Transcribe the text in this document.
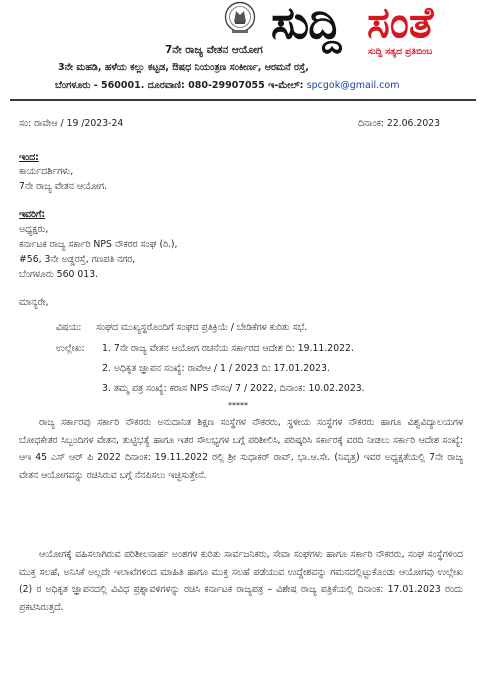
7ನೇ ರಾಜ್ಯ ವೇತನ ಆಯೋಗ
3ನೇ ಮಹಡಿ, ಹಳೆಯ ಕಲ್ಲು ಕಟ್ಟಡ, ಔಷಧ ನಿಯಂತ್ರಣ ಸಂಕೀರ್ಣ, ಆರಮನೆ ರಸ್ತೆ,
ಬೆಂಗಳೂರು - 560001. ದೂರವಾಣಿ: 080-29907055 ಇ-ಮೇಲ್: spcgok@gmail.com
ಸುದ್ದಿ ಸಂತೆ
ಸುದ್ದಿ ಸತ್ಯದ ಪ್ರತಿಬಿಂಬ
ಸಂ: ರಾವೇಆ / 19 /2023-24	ದಿನಾಂಕ: 22.06.2023
ಇಂದ:
ಕಾರ್ಯದರ್ಶಿಗಳು,
7ನೇ ರಾಜ್ಯ ವೇತನ ಆಯೋಗ.
ಇವರಿಗೆ:
ಅಧ್ಯಕ್ಷರು,
ಕರ್ನಾಟಕ ರಾಜ್ಯ ಸರ್ಕಾರಿ NPS ನೌಕರರ ಸಂಘ (ರಿ.),
#56, 3ನೇ ಅಡ್ಡರಸ್ತೆ, ಗಣಪತಿ ನಗರ,
ಬೆಂಗಳೂರು 560 013.
ಮಾನ್ಯರೇ,
ವಿಷಯ: ಸಂಘದ ಮುಖ್ಯಸ್ಥರೊಂದಿಗೆ ಸಂಘದ ಪ್ರತಿಕ್ರಿಯೆ / ಬೇಡಿಕೆಗಳ ಕುರಿತು ಸಭೆ.
ಉಲ್ಲೇಖ: 1. 7ನೇ ರಾಜ್ಯ ವೇತನ ಆಯೋಗ ರಚನೆಯ ಸರ್ಕಾರದ ಆದೇಶ ದಿ: 19.11.2022.
2. ಅಧಿಕೃತ ಜ್ಞಾಪನ ಸಂಖ್ಯೆ: ರಾವೇಆ / 1 / 2023 ದಿ: 17.01.2023.
3. ತಮ್ಮ ಪತ್ರ ಸಂಖ್ಯೆ: ಕರಾಸ NPS ನೌಸಂ/ 7 / 2022, ದಿನಾಂಕ: 10.02.2023.
*****
ರಾಜ್ಯ ಸರ್ಕಾರವು ಸರ್ಕಾರಿ ನೌಕರರು ಅನುದಾನಿತ ಶಿಕ್ಷಣ ಸಂಸ್ಥೆಗಳ ನೌಕರರು, ಸ್ಥಳೀಯ ಸಂಸ್ಥೆಗಳ ನೌಕರರು ಹಾಗೂ ವಿಶ್ವವಿದ್ಯಾಲಯಗಳ ಬೋಧಕೇತರ ಸಿಬ್ಬಂದಿಗಳ ವೇತನ, ತುಟ್ಟಿಭತ್ಯೆ ಹಾಗೂ ಇತರ ಸೌಲಭ್ಯಗಳ ಬಗ್ಗೆ ಪರಿಶೀಲಿಸಿ, ಪರಿಷ್ಕರಿಸಿ ಸರ್ಕಾರಕ್ಕೆ ವರದಿ ನೀಡಲು ಸರ್ಕಾರಿ ಆದೇಶ ಸಂಖ್ಯೆ: ಆಇ 45 ಎಸ್ ಆರ್ ಪಿ 2022 ದಿನಾಂಕ: 19.11.2022 ರಲ್ಲಿ ಶ್ರೀ ಸುಧಾಕರ್ ರಾವ್, ಭಾ.ಆ.ಸೇ. (ನಿವೃತ್ತ) ಇವರ ಅಧ್ಯಕ್ಷತೆಯಲ್ಲಿ 7ನೇ ರಾಜ್ಯ ವೇತನ ಆಯೋಗವನ್ನು ರಚಿಸಿರುವ ಬಗ್ಗೆ ನೆನಪಿಸಲು ಇಚ್ಛಿಸುತ್ತೇನೆ.
ಆಯೋಗಕ್ಕೆ ವಹಿಸಲಾಗಿರುವ ಪರಿಶೀಲನಾರ್ಹ ಅಂಶಗಳ ಕುರಿತು ಸಾರ್ವಜನಿಕರು, ಸೇವಾ ಸಂಘಗಳು ಹಾಗೂ ಸರ್ಕಾರಿ ನೌಕರರು, ಸಂಘ ಸಂಸ್ಥೆಗಳಿಂದ ಮುಕ್ತ ಸಲಹೆ, ಅನಿಸಿಕೆ ಅಲ್ಲದೇ ಇಲಾಖೆಗಳಿಂದ ಮಾಹಿತಿ ಹಾಗೂ ಮುಕ್ತ ಸಲಹೆ ಪಡೆಯುವ ಉದ್ದೇಶವನ್ನು ಗಮನದಲ್ಲಿಟ್ಟುಕೊಂಡು ಆಯೋಗವು ಉಲ್ಲೇಖ (2) ರ ಅಧಿಕೃತ ಜ್ಞಾಪನದಲ್ಲಿ ವಿವಿಧ ಪ್ರಶ್ನಾವಳಿಗಳನ್ನು ರಚಿಸಿ ಕರ್ನಾಟಕ ರಾಜ್ಯಪತ್ರ – ವಿಶೇಷ ರಾಜ್ಯ ಪತ್ರಿಕೆಯಲ್ಲಿ ದಿನಾಂಕ: 17.01.2023 ರಂದು ಪ್ರಕಟಿಸಿರುತ್ತದೆ.
